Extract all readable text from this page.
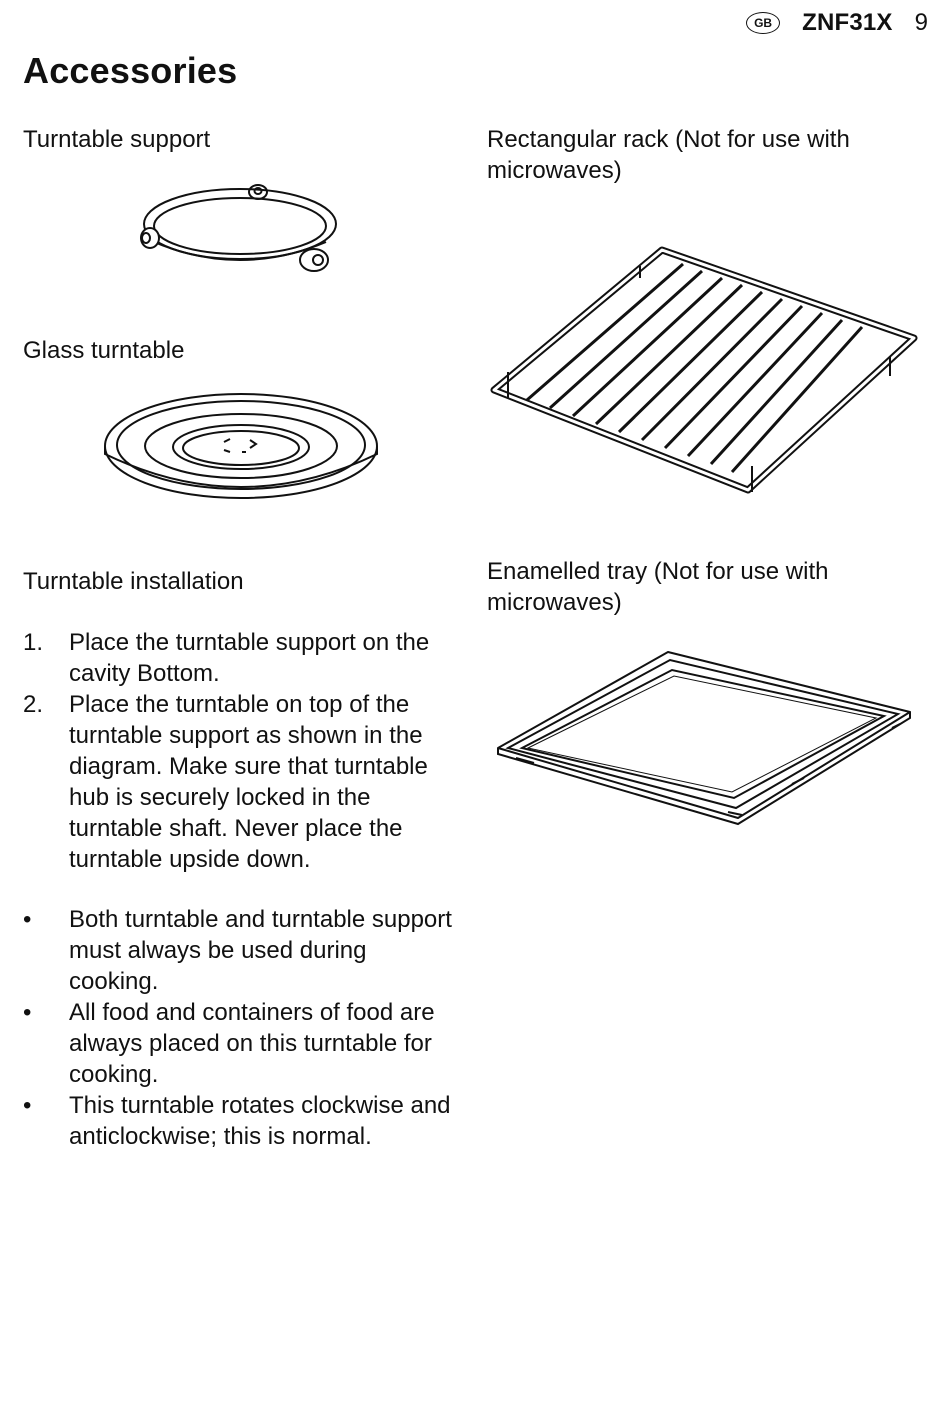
GB	ZNF31X 9
Accessories

Turntable support

Glass turntable

Turntable installation

Rectangular rack (Not for use with microwaves)

Enamelled tray (Not for use with microwaves)

1. Place the turntable support on the cavity Bottom.
2. Place the turntable on top of the turntable support as shown in the diagram. Make sure that turntable hub is securely locked in the turntable shaft. Never place the turntable upside down.
• Both turntable and turntable support must always be used during cooking.
• All food and containers of food are always placed on this turntable for cooking.
• This turntable rotates clockwise and anticlockwise; this is normal.
